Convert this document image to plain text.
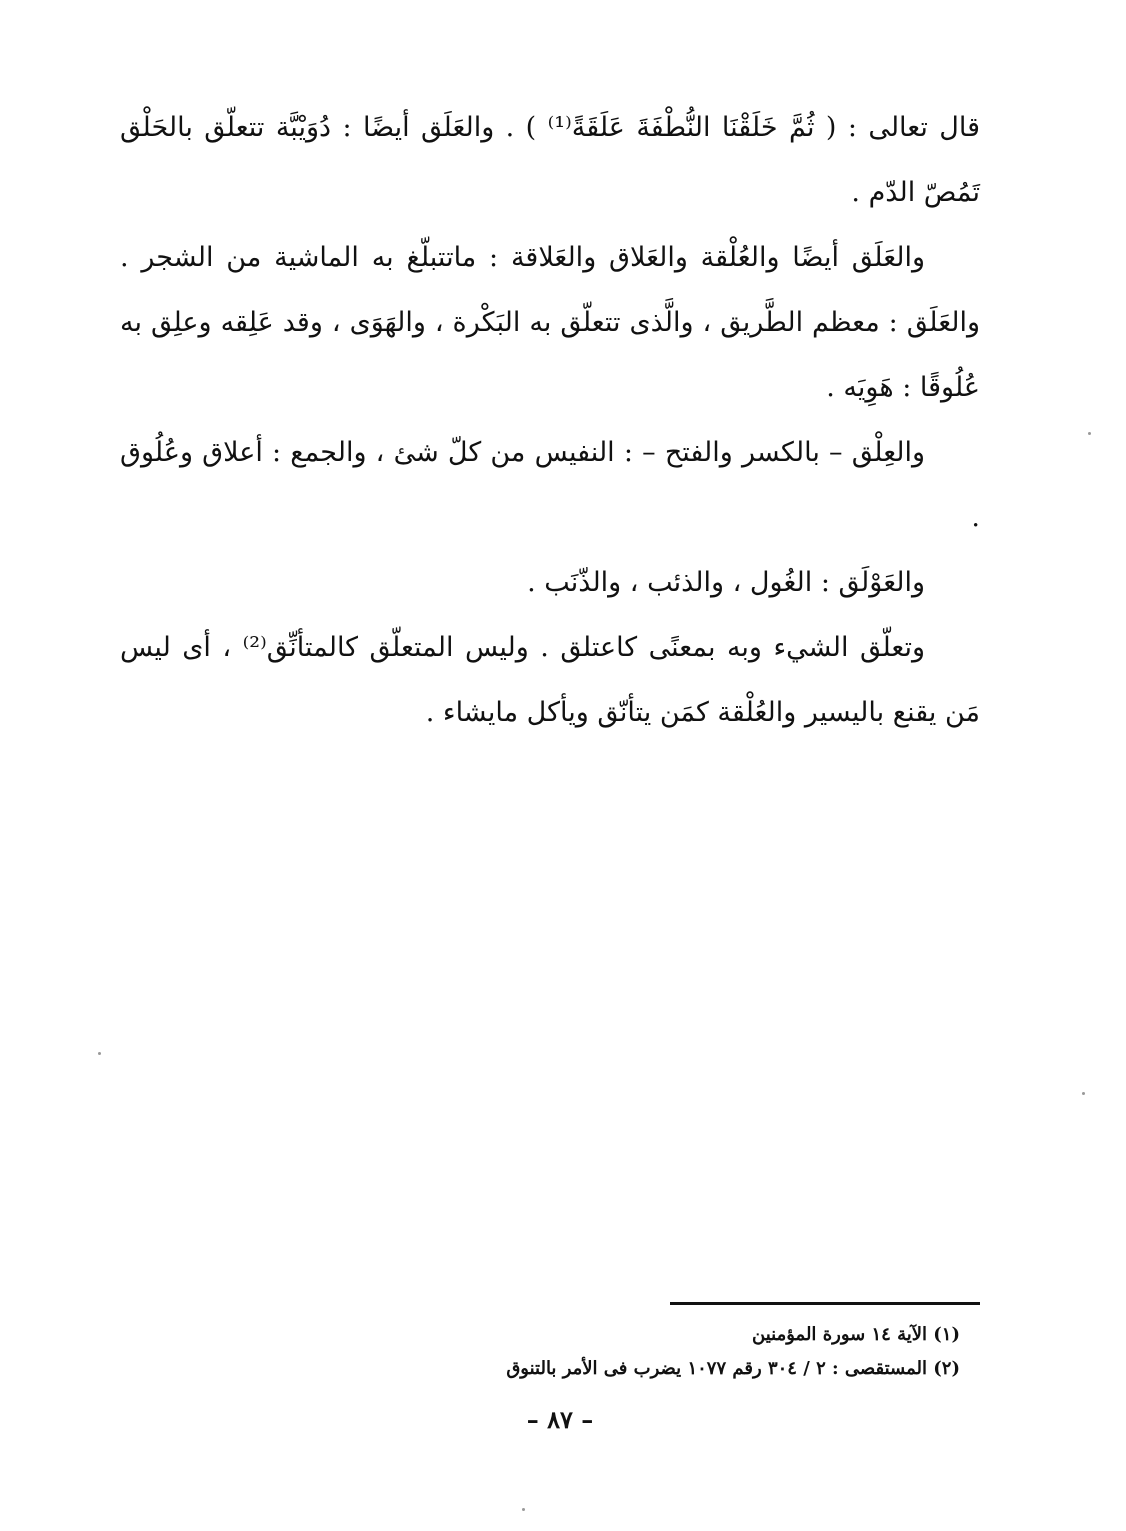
قال تعالى : ( ثُمَّ خَلَقْنَا النُّطْفَةَ عَلَقَةً⁽¹⁾ ) . والعَلَق أيضًا : دُوَيْبَّة تتعلّق بالحَلْق تَمُصّ الدّم .

والعَلَق أيضًا والعُلْقة والعَلاق والعَلاقة : ماتتبلّغ به الماشية من الشجر . والعَلَق : معظم الطَّريق ، والَّذى تتعلّق به البَكْرة ، والهَوَى ، وقد عَلِقه وعلِق به عُلُوقًا : هَوِيَه .

والعِلْق – بالكسر والفتح – : النفيس من كلّ شئ ، والجمع : أعلاق وعُلُوق .

والعَوْلَق : الغُول ، والذئب ، والذّنَب .

وتعلّق الشيء وبه بمعنًى كاعتلق . وليس المتعلّق كالمتأنِّق⁽²⁾ ، أى ليس مَن يقنع باليسير والعُلْقة كمَن يتأنّق ويأكل مايشاء .

(١) الآية ١٤ سورة المؤمنين

(٢) المستقصى : ٢ / ٣٠٤ رقم ١٠٧٧ يضرب فى الأمر بالتنوق

– ٨٧ –
